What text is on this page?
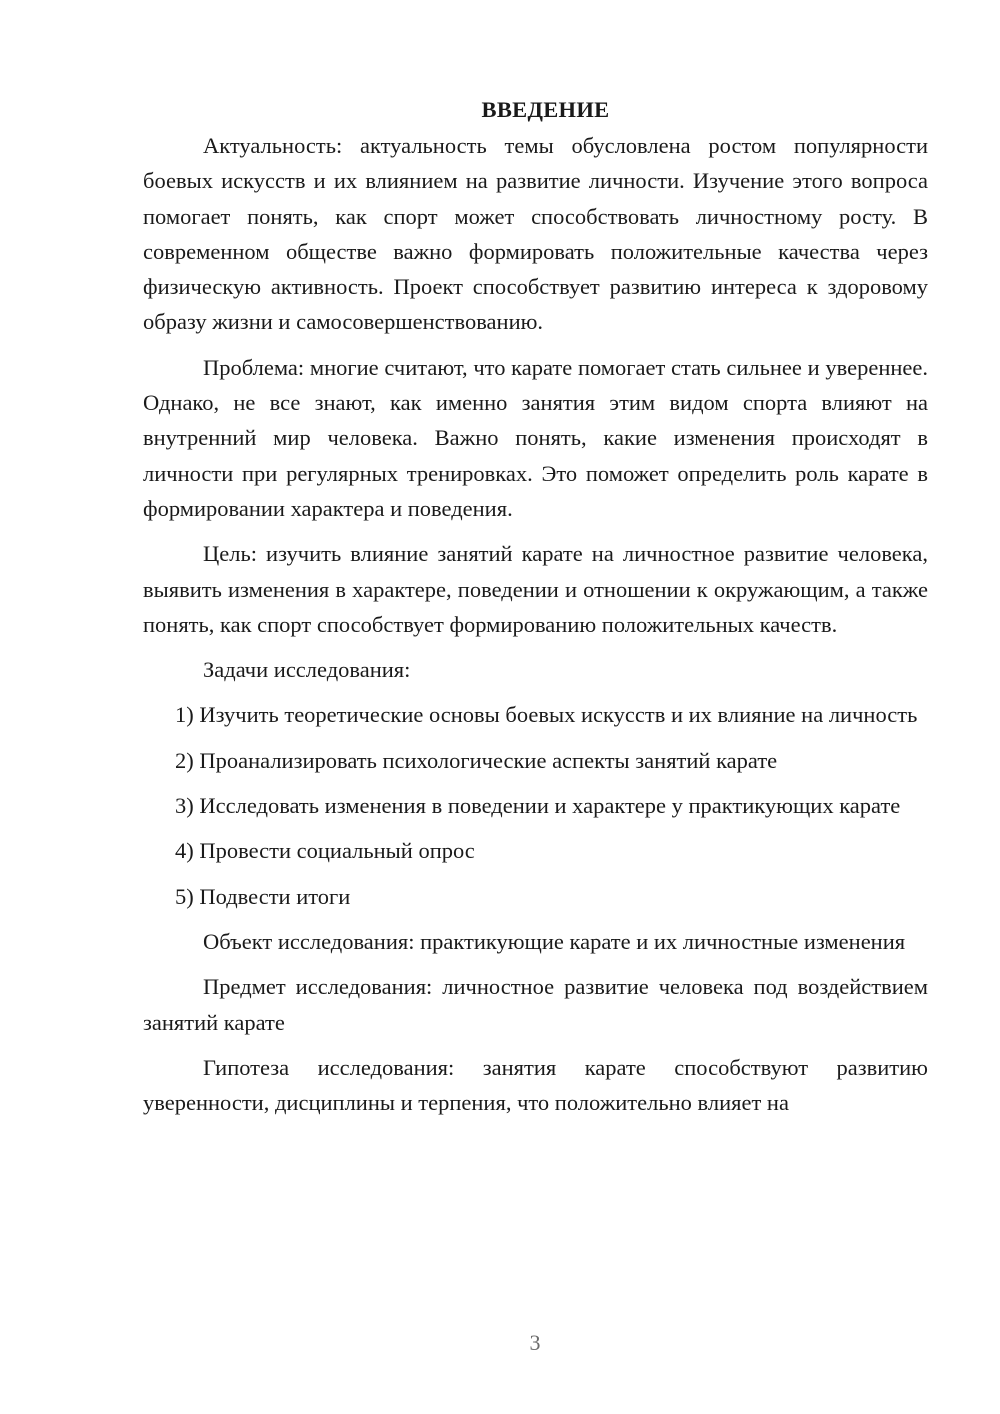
ВВЕДЕНИЕ

Актуальность: актуальность темы обусловлена ростом популярности боевых искусств и их влиянием на развитие личности. Изучение этого вопроса помогает понять, как спорт может способствовать личностному росту. В современном обществе важно формировать положительные качества через физическую активность. Проект способствует развитию интереса к здоровому образу жизни и самосовершенствованию.

Проблема: многие считают, что карате помогает стать сильнее и увереннее. Однако, не все знают, как именно занятия этим видом спорта влияют на внутренний мир человека. Важно понять, какие изменения происходят в личности при регулярных тренировках. Это поможет определить роль карате в формировании характера и поведения.

Цель: изучить влияние занятий карате на личностное развитие человека, выявить изменения в характере, поведении и отношении к окружающим, а также понять, как спорт способствует формированию положительных качеств.

Задачи исследования:

1) Изучить теоретические основы боевых искусств и их влияние на личность

2) Проанализировать психологические аспекты занятий карате

3) Исследовать изменения в поведении и характере у практикующих карате

4) Провести социальный опрос

5) Подвести итоги

Объект исследования: практикующие карате и их личностные изменения

Предмет исследования: личностное развитие человека под воздействием занятий карате

Гипотеза исследования: занятия карате способствуют развитию уверенности, дисциплины и терпения, что положительно влияет на

3
